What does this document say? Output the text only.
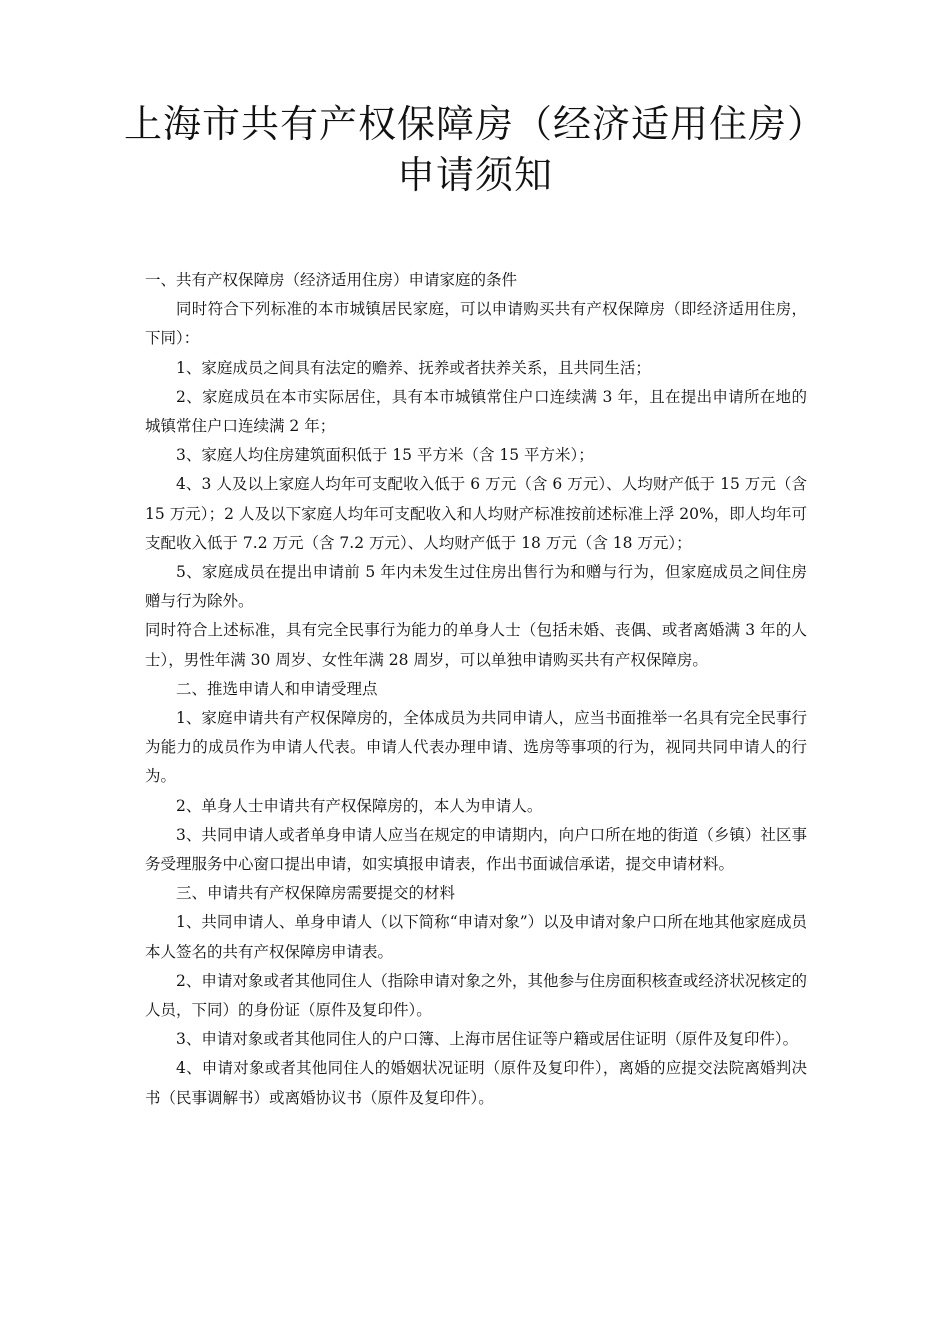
上海市共有产权保障房（经济适用住房）
申请须知

一、共有产权保障房（经济适用住房）申请家庭的条件

同时符合下列标准的本市城镇居民家庭，可以申请购买共有产权保障房（即经济适用住房，下同）：

1、家庭成员之间具有法定的赡养、抚养或者扶养关系，且共同生活；

2、家庭成员在本市实际居住，具有本市城镇常住户口连续满 3 年，且在提出申请所在地的城镇常住户口连续满 2 年；

3、家庭人均住房建筑面积低于 15 平方米（含 15 平方米）；

4、3 人及以上家庭人均年可支配收入低于 6 万元（含 6 万元）、人均财产低于 15 万元（含 15 万元）；2 人及以下家庭人均年可支配收入和人均财产标准按前述标准上浮 20%，即人均年可支配收入低于 7.2 万元（含 7.2 万元）、人均财产低于 18 万元（含 18 万元）；

5、家庭成员在提出申请前 5 年内未发生过住房出售行为和赠与行为，但家庭成员之间住房赠与行为除外。

同时符合上述标准，具有完全民事行为能力的单身人士（包括未婚、丧偶、或者离婚满 3 年的人士），男性年满 30 周岁、女性年满 28 周岁，可以单独申请购买共有产权保障房。

二、推选申请人和申请受理点

1、家庭申请共有产权保障房的，全体成员为共同申请人，应当书面推举一名具有完全民事行为能力的成员作为申请人代表。申请人代表办理申请、选房等事项的行为，视同共同申请人的行为。

2、单身人士申请共有产权保障房的，本人为申请人。

3、共同申请人或者单身申请人应当在规定的申请期内，向户口所在地的街道（乡镇）社区事务受理服务中心窗口提出申请，如实填报申请表，作出书面诚信承诺，提交申请材料。

三、申请共有产权保障房需要提交的材料

1、共同申请人、单身申请人（以下简称“申请对象”）以及申请对象户口所在地其他家庭成员本人签名的共有产权保障房申请表。

2、申请对象或者其他同住人（指除申请对象之外，其他参与住房面积核查或经济状况核定的人员，下同）的身份证（原件及复印件）。

3、申请对象或者其他同住人的户口簿、上海市居住证等户籍或居住证明（原件及复印件）。

4、申请对象或者其他同住人的婚姻状况证明（原件及复印件），离婚的应提交法院离婚判决书（民事调解书）或离婚协议书（原件及复印件）。
